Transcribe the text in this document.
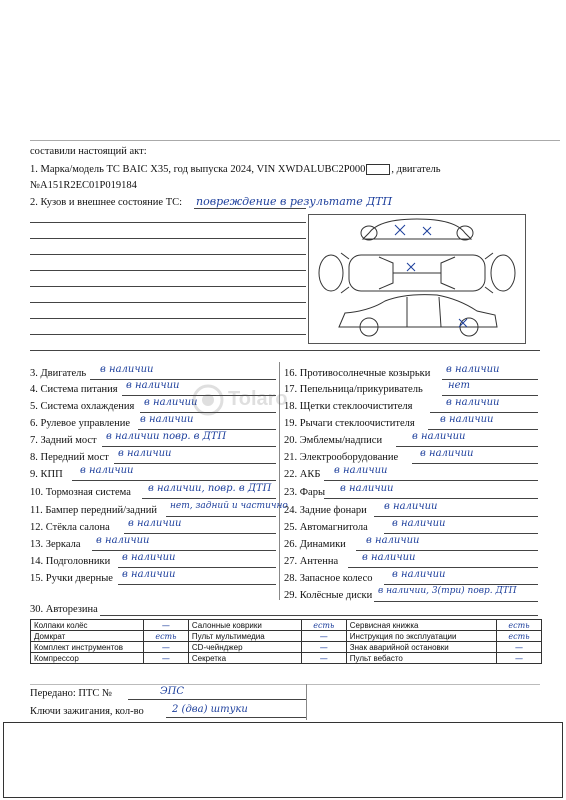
составили настоящий акт:
1. Марка/модель ТС BAIC X35, год выпуска 2024, VIN XWDALUBC2P000 , двигатель
№A151R2EC01P019184
2. Кузов и внешнее состояние ТС: повреждение в результате ДТП
3. Двигатель в наличии
4. Система питания в наличии
5. Система охлаждения в наличии
6. Рулевое управление в наличии
7. Задний мост в наличии повр. в ДТП
8. Передний мост в наличии
9. КПП в наличии
10. Тормозная система в наличии, повр. в ДТП
11. Бампер передний/задний нет, задний и частично
12. Стёкла салона в наличии
13. Зеркала в наличии
14. Подголовники в наличии
15. Ручки дверные в наличии
16. Противосолнечные козырьки в наличии
17. Пепельница/прикуриватель	нет
18. Щетки стеклоочистителя	в наличии
19. Рычаги стеклоочистителя	в наличии
20. Эмблемы/надписи	в наличии
21. Электрооборудование в наличии
22. АКБ в наличии
23. Фары в наличии
24. Задние фонари в наличии
25. Автомагнитола в наличии
26. Динамики в наличии
27. Антенна в наличии
28. Запасное колесо в наличии
29. Колёсные диски в наличии, 3(три) повр. ДТП
Tolaro
30. Авторезина
Колпаки колёс	—	Салонные коврики	есть	Сервисная книжка	есть
Домкрат	есть	Пульт мультимедиа	—	Инструкция по эксплуатации	есть
Комплект инструментов	—	CD-чейнджер	—	Знак аварийной остановки	—
Компрессор	—	Секретка	—	Пульт вебасто	—
Передано: ПТС №	ЭПС
Ключи зажигания, кол-во	2 (два) штуки
